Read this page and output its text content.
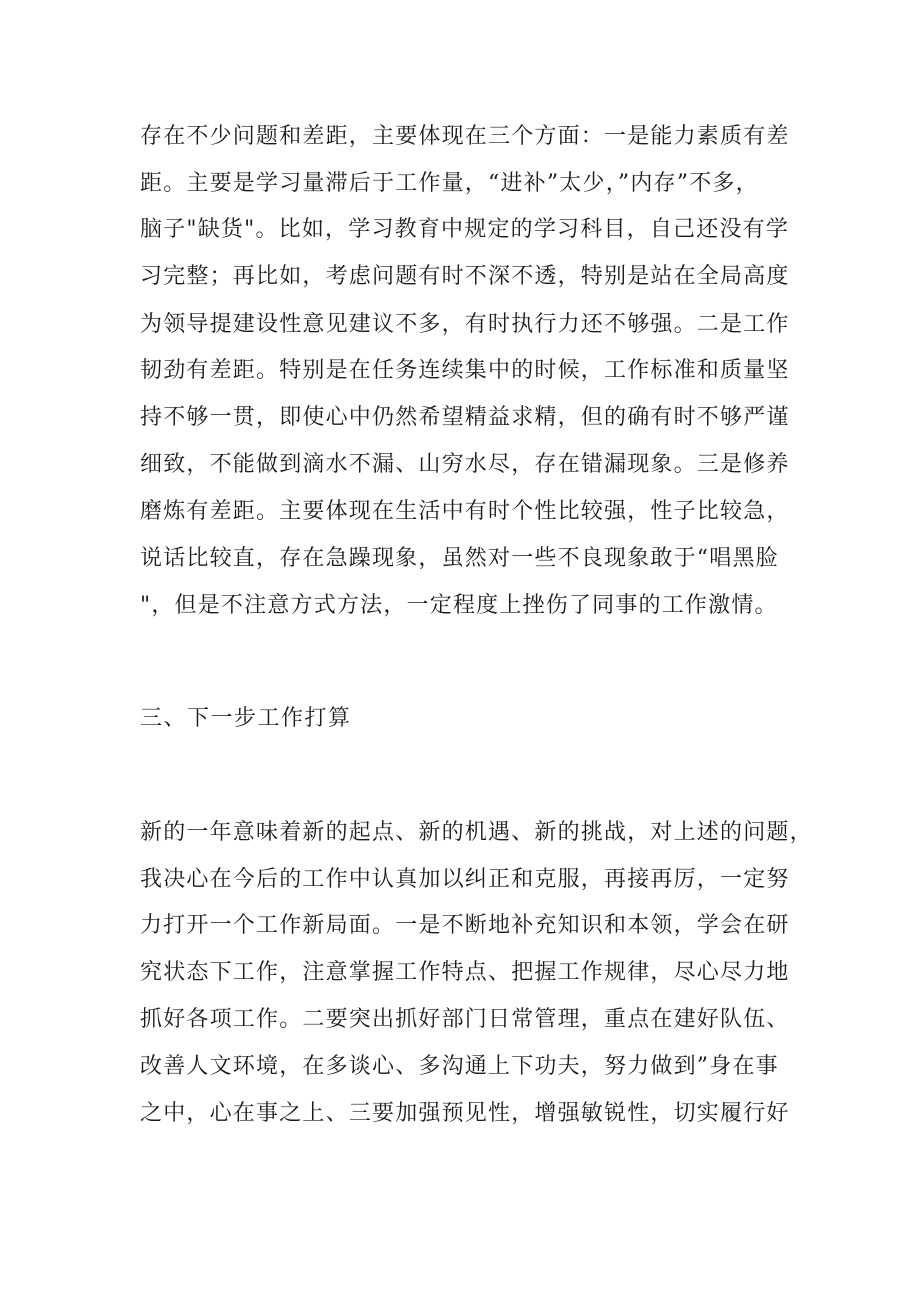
存在不少问题和差距，主要体现在三个方面：一是能力素质有差

距。主要是学习量滞后于工作量，“进补”太少，”内存”不多，

脑子"缺货"。比如，学习教育中规定的学习科目，自己还没有学

习完整；再比如，考虑问题有时不深不透，特别是站在全局高度

为领导提建设性意见建议不多，有时执行力还不够强。二是工作

韧劲有差距。特别是在任务连续集中的时候，工作标准和质量坚

持不够一贯，即使心中仍然希望精益求精，但的确有时不够严谨

细致，不能做到滴水不漏、山穷水尽，存在错漏现象。三是修养

磨炼有差距。主要体现在生活中有时个性比较强，性子比较急，

说话比较直，存在急躁现象，虽然对一些不良现象敢于“唱黑脸

"，但是不注意方式方法，一定程度上挫伤了同事的工作激情。

三、下一步工作打算

新的一年意味着新的起点、新的机遇、新的挑战，对上述的问题，

我决心在今后的工作中认真加以纠正和克服，再接再厉，一定努

力打开一个工作新局面。一是不断地补充知识和本领，学会在研

究状态下工作，注意掌握工作特点、把握工作规律，尽心尽力地

抓好各项工作。二要突出抓好部门日常管理，重点在建好队伍、

改善人文环境，在多谈心、多沟通上下功夫，努力做到”身在事

之中，心在事之上、三要加强预见性，增强敏锐性，切实履行好
